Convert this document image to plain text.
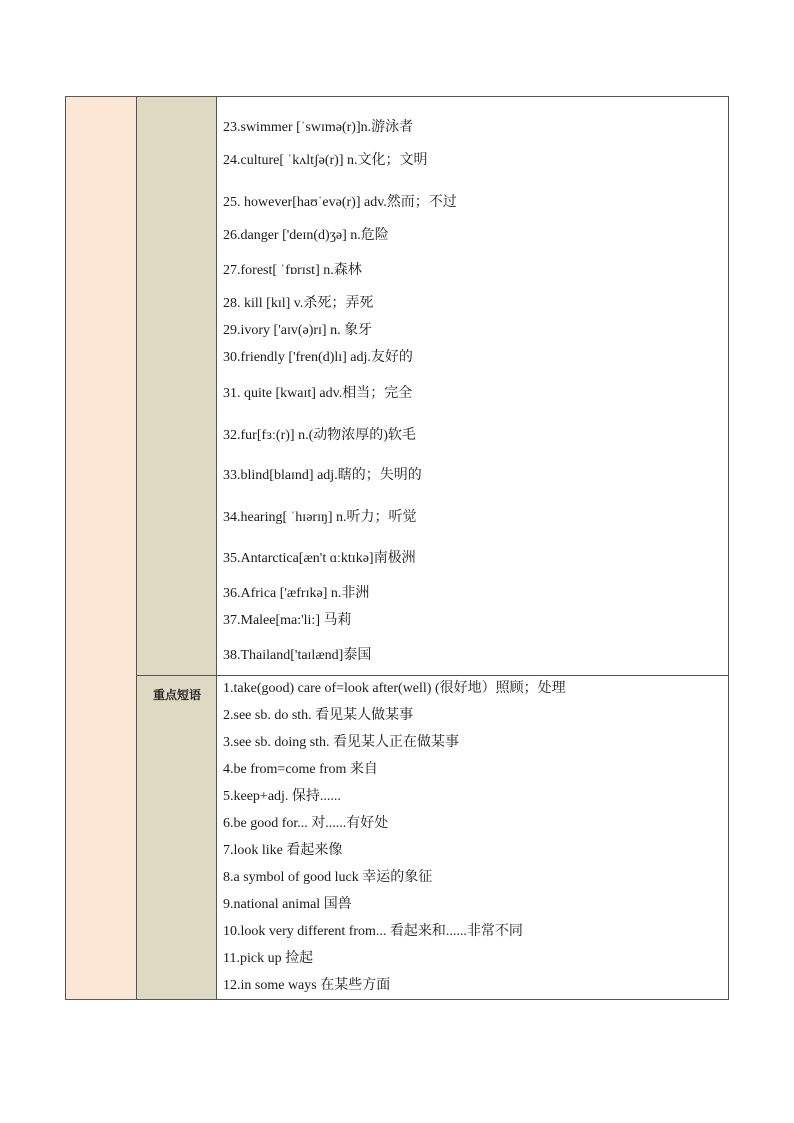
重点短语
23.swimmer [ˈswɪmə(r)]n.游泳者
24.culture[ ˈkʌltʃə(r)] n.文化；文明
25. however[haʊˈevə(r)] adv.然而；不过
26.danger ['deɪn(d)ʒə] n.危险
27.forest[ ˈfɒrɪst] n.森林
28. kill [kɪl] v.杀死；弄死
29.ivory ['aɪv(ə)rɪ] n. 象牙
30.friendly ['fren(d)lɪ] adj.友好的
31. quite [kwaɪt] adv.相当；完全
32.fur[fɜː(r)] n.(动物浓厚的)软毛
33.blind[blaɪnd] adj.瞎的；失明的
34.hearing[ ˈhɪərɪŋ] n.听力；听觉
35.Antarctica[æn't ɑːktɪkə]南极洲
36.Africa ['æfrɪkə] n.非洲
37.Malee[ma:'li:] 马莉
38.Thailand['taɪlænd]泰国
1.take(good) care of=look after(well) (很好地）照顾；处理
2.see sb. do sth. 看见某人做某事
3.see sb. doing sth. 看见某人正在做某事
4.be from=come from 来自
5.keep+adj. 保持......
6.be good for... 对......有好处
7.look like 看起来像
8.a symbol of good luck 幸运的象征
9.national animal 国兽
10.look very different from... 看起来和......非常不同
11.pick up 捡起
12.in some ways 在某些方面
